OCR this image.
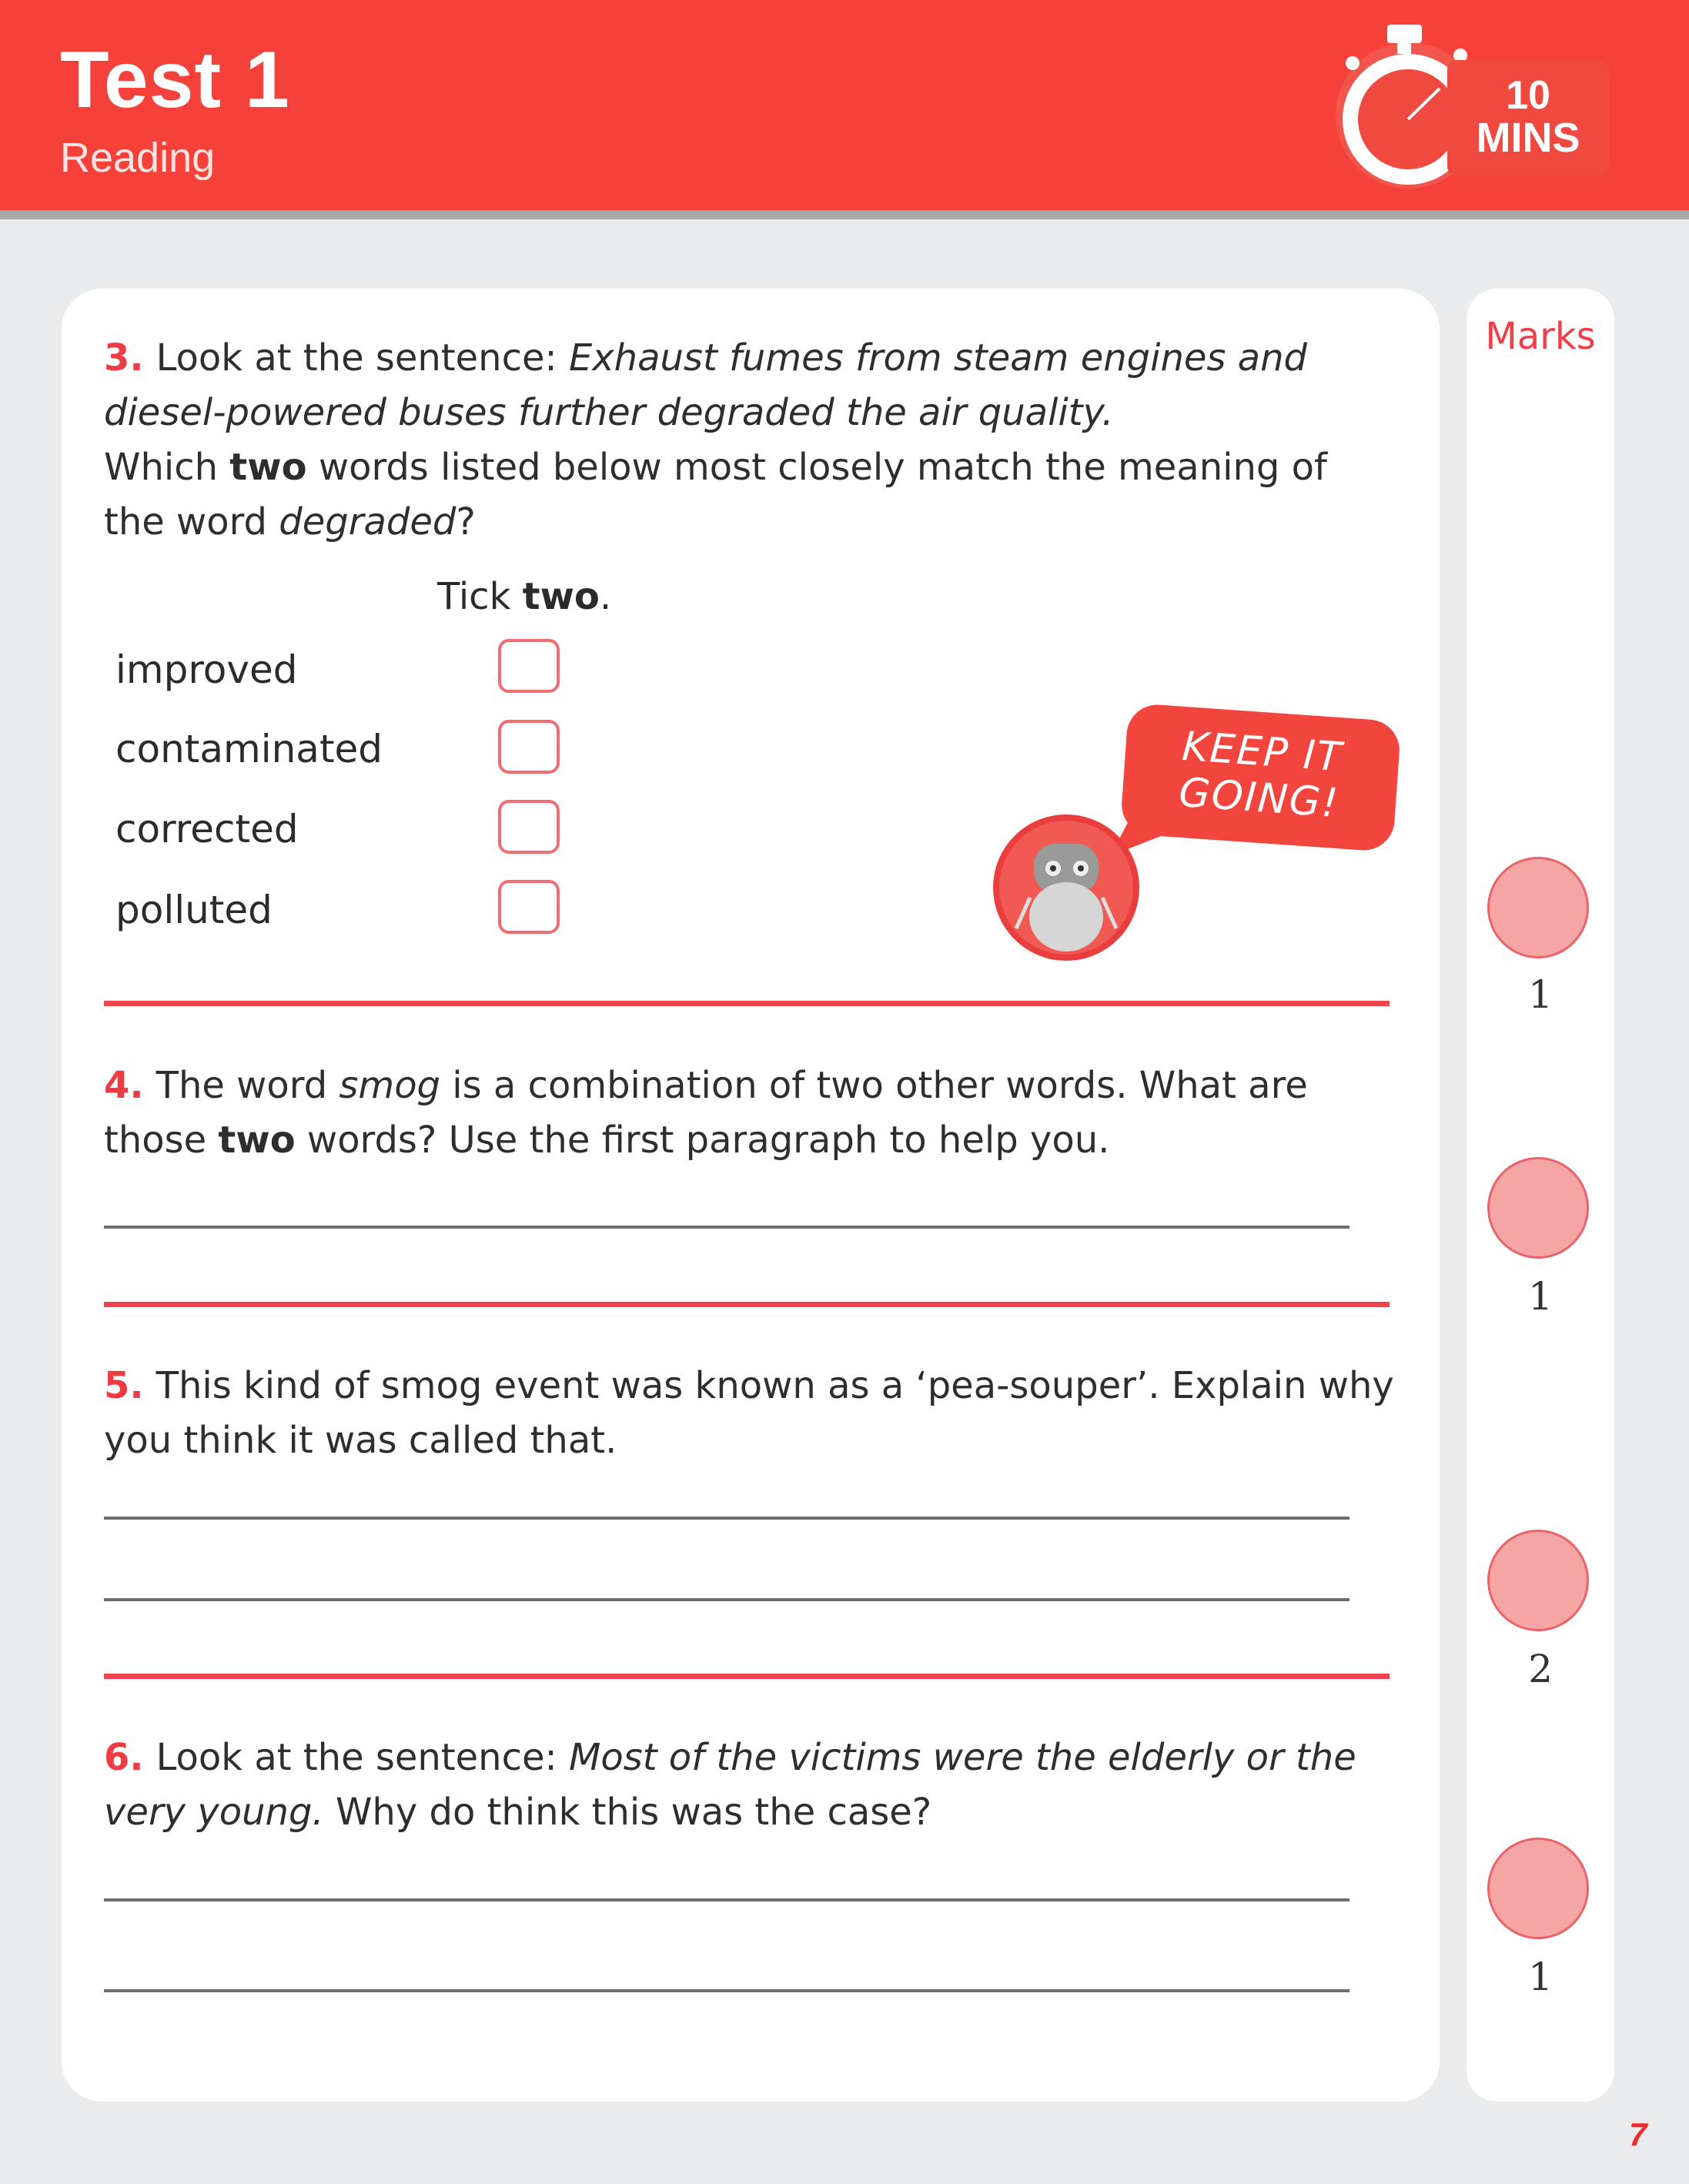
Test 1
Reading
10
MINS
3. Look at the sentence: Exhaust fumes from steam engines and diesel-powered buses further degraded the air quality.
Which two words listed below most closely match the meaning of the word degraded?
Tick two.
improved
contaminated
corrected
polluted
KEEP IT
GOING!
4. The word smog is a combination of two other words. What are those two words? Use the first paragraph to help you.
5. This kind of smog event was known as a ‘pea-souper’. Explain why you think it was called that.
6. Look at the sentence: Most of the victims were the elderly or the very young. Why do think this was the case?
Marks
1
1
2
1
7
